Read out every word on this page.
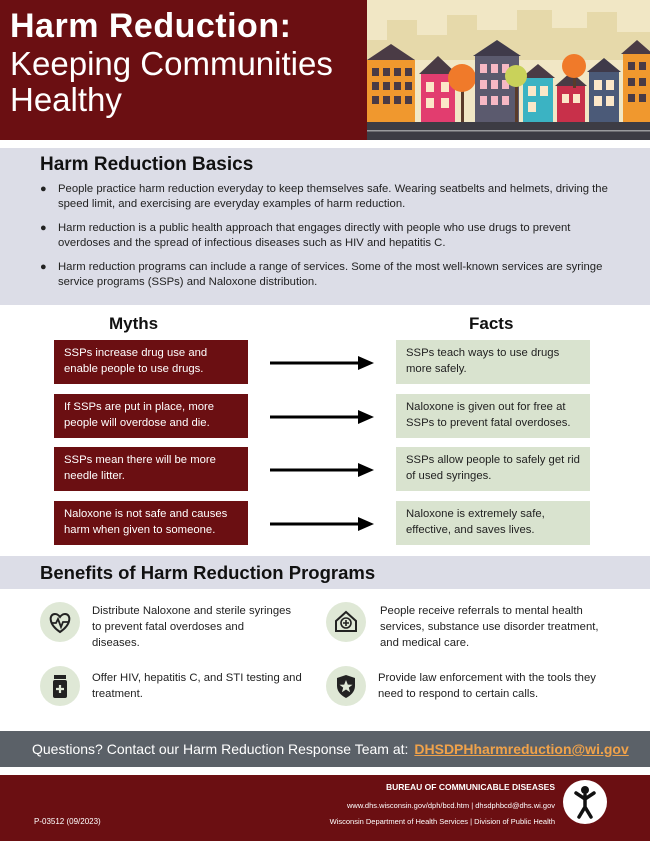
Harm Reduction:
Keeping Communities
Healthy
Harm Reduction Basics
● People practice harm reduction everyday to keep themselves safe. Wearing seatbelts and helmets, driving the speed limit, and exercising are everyday examples of harm reduction.
● Harm reduction is a public health approach that engages directly with people who use drugs to prevent overdoses and the spread of infectious diseases such as HIV and hepatitis C.
● Harm reduction programs can include a range of services. Some of the most well-known services are syringe service programs (SSPs) and Naloxone distribution.
Myths	Facts
SSPs increase drug use and enable people to use drugs.
SSPs teach ways to use drugs more safely.
If SSPs are put in place, more people will overdose and die.
Naloxone is given out for free at SSPs to prevent fatal overdoses.
SSPs mean there will be more needle litter.
SSPs allow people to safely get rid of used syringes.
Naloxone is not safe and causes harm when given to someone.
Naloxone is extremely safe, effective, and saves lives.
Benefits of Harm Reduction Programs
Distribute Naloxone and sterile syringes to prevent fatal overdoses and diseases.
People receive referrals to mental health services, substance use disorder treatment, and medical care.
Offer HIV, hepatitis C, and STI testing and treatment.
Provide law enforcement with the tools they need to respond to certain calls.
Questions? Contact our Harm Reduction Response Team at: DHSDPHharmreduction@wi.gov
P-03512 (09/2023)
BUREAU OF COMMUNICABLE DISEASES
www.dhs.wisconsin.gov/dph/bcd.htm | dhsdphbcd@dhs.wi.gov
Wisconsin Department of Health Services | Division of Public Health
